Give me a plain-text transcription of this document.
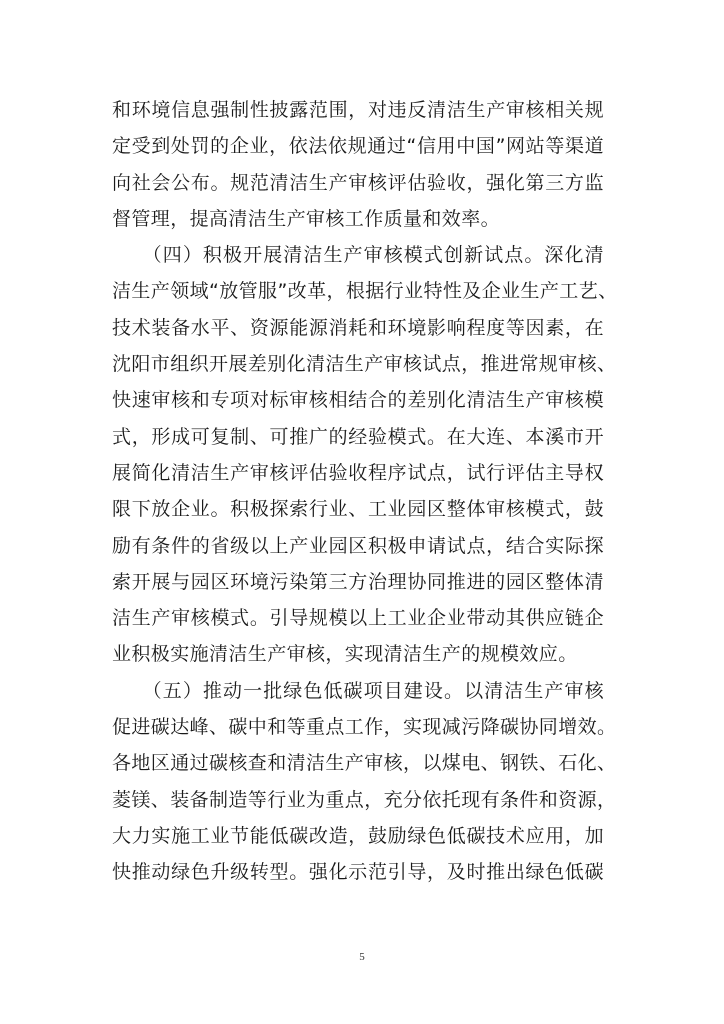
和环境信息强制性披露范围，对违反清洁生产审核相关规
定受到处罚的企业，依法依规通过“信用中国”网站等渠道
向社会公布。规范清洁生产审核评估验收，强化第三方监
督管理，提高清洁生产审核工作质量和效率。
　　（四）积极开展清洁生产审核模式创新试点。深化清
洁生产领域“放管服”改革，根据行业特性及企业生产工艺、
技术装备水平、资源能源消耗和环境影响程度等因素，在
沈阳市组织开展差别化清洁生产审核试点，推进常规审核、
快速审核和专项对标审核相结合的差别化清洁生产审核模
式，形成可复制、可推广的经验模式。在大连、本溪市开
展简化清洁生产审核评估验收程序试点，试行评估主导权
限下放企业。积极探索行业、工业园区整体审核模式，鼓
励有条件的省级以上产业园区积极申请试点，结合实际探
索开展与园区环境污染第三方治理协同推进的园区整体清
洁生产审核模式。引导规模以上工业企业带动其供应链企
业积极实施清洁生产审核，实现清洁生产的规模效应。
　　（五）推动一批绿色低碳项目建设。以清洁生产审核
促进碳达峰、碳中和等重点工作，实现减污降碳协同增效。
各地区通过碳核查和清洁生产审核，以煤电、钢铁、石化、
菱镁、装备制造等行业为重点，充分依托现有条件和资源，
大力实施工业节能低碳改造，鼓励绿色低碳技术应用，加
快推动绿色升级转型。强化示范引导，及时推出绿色低碳
5
